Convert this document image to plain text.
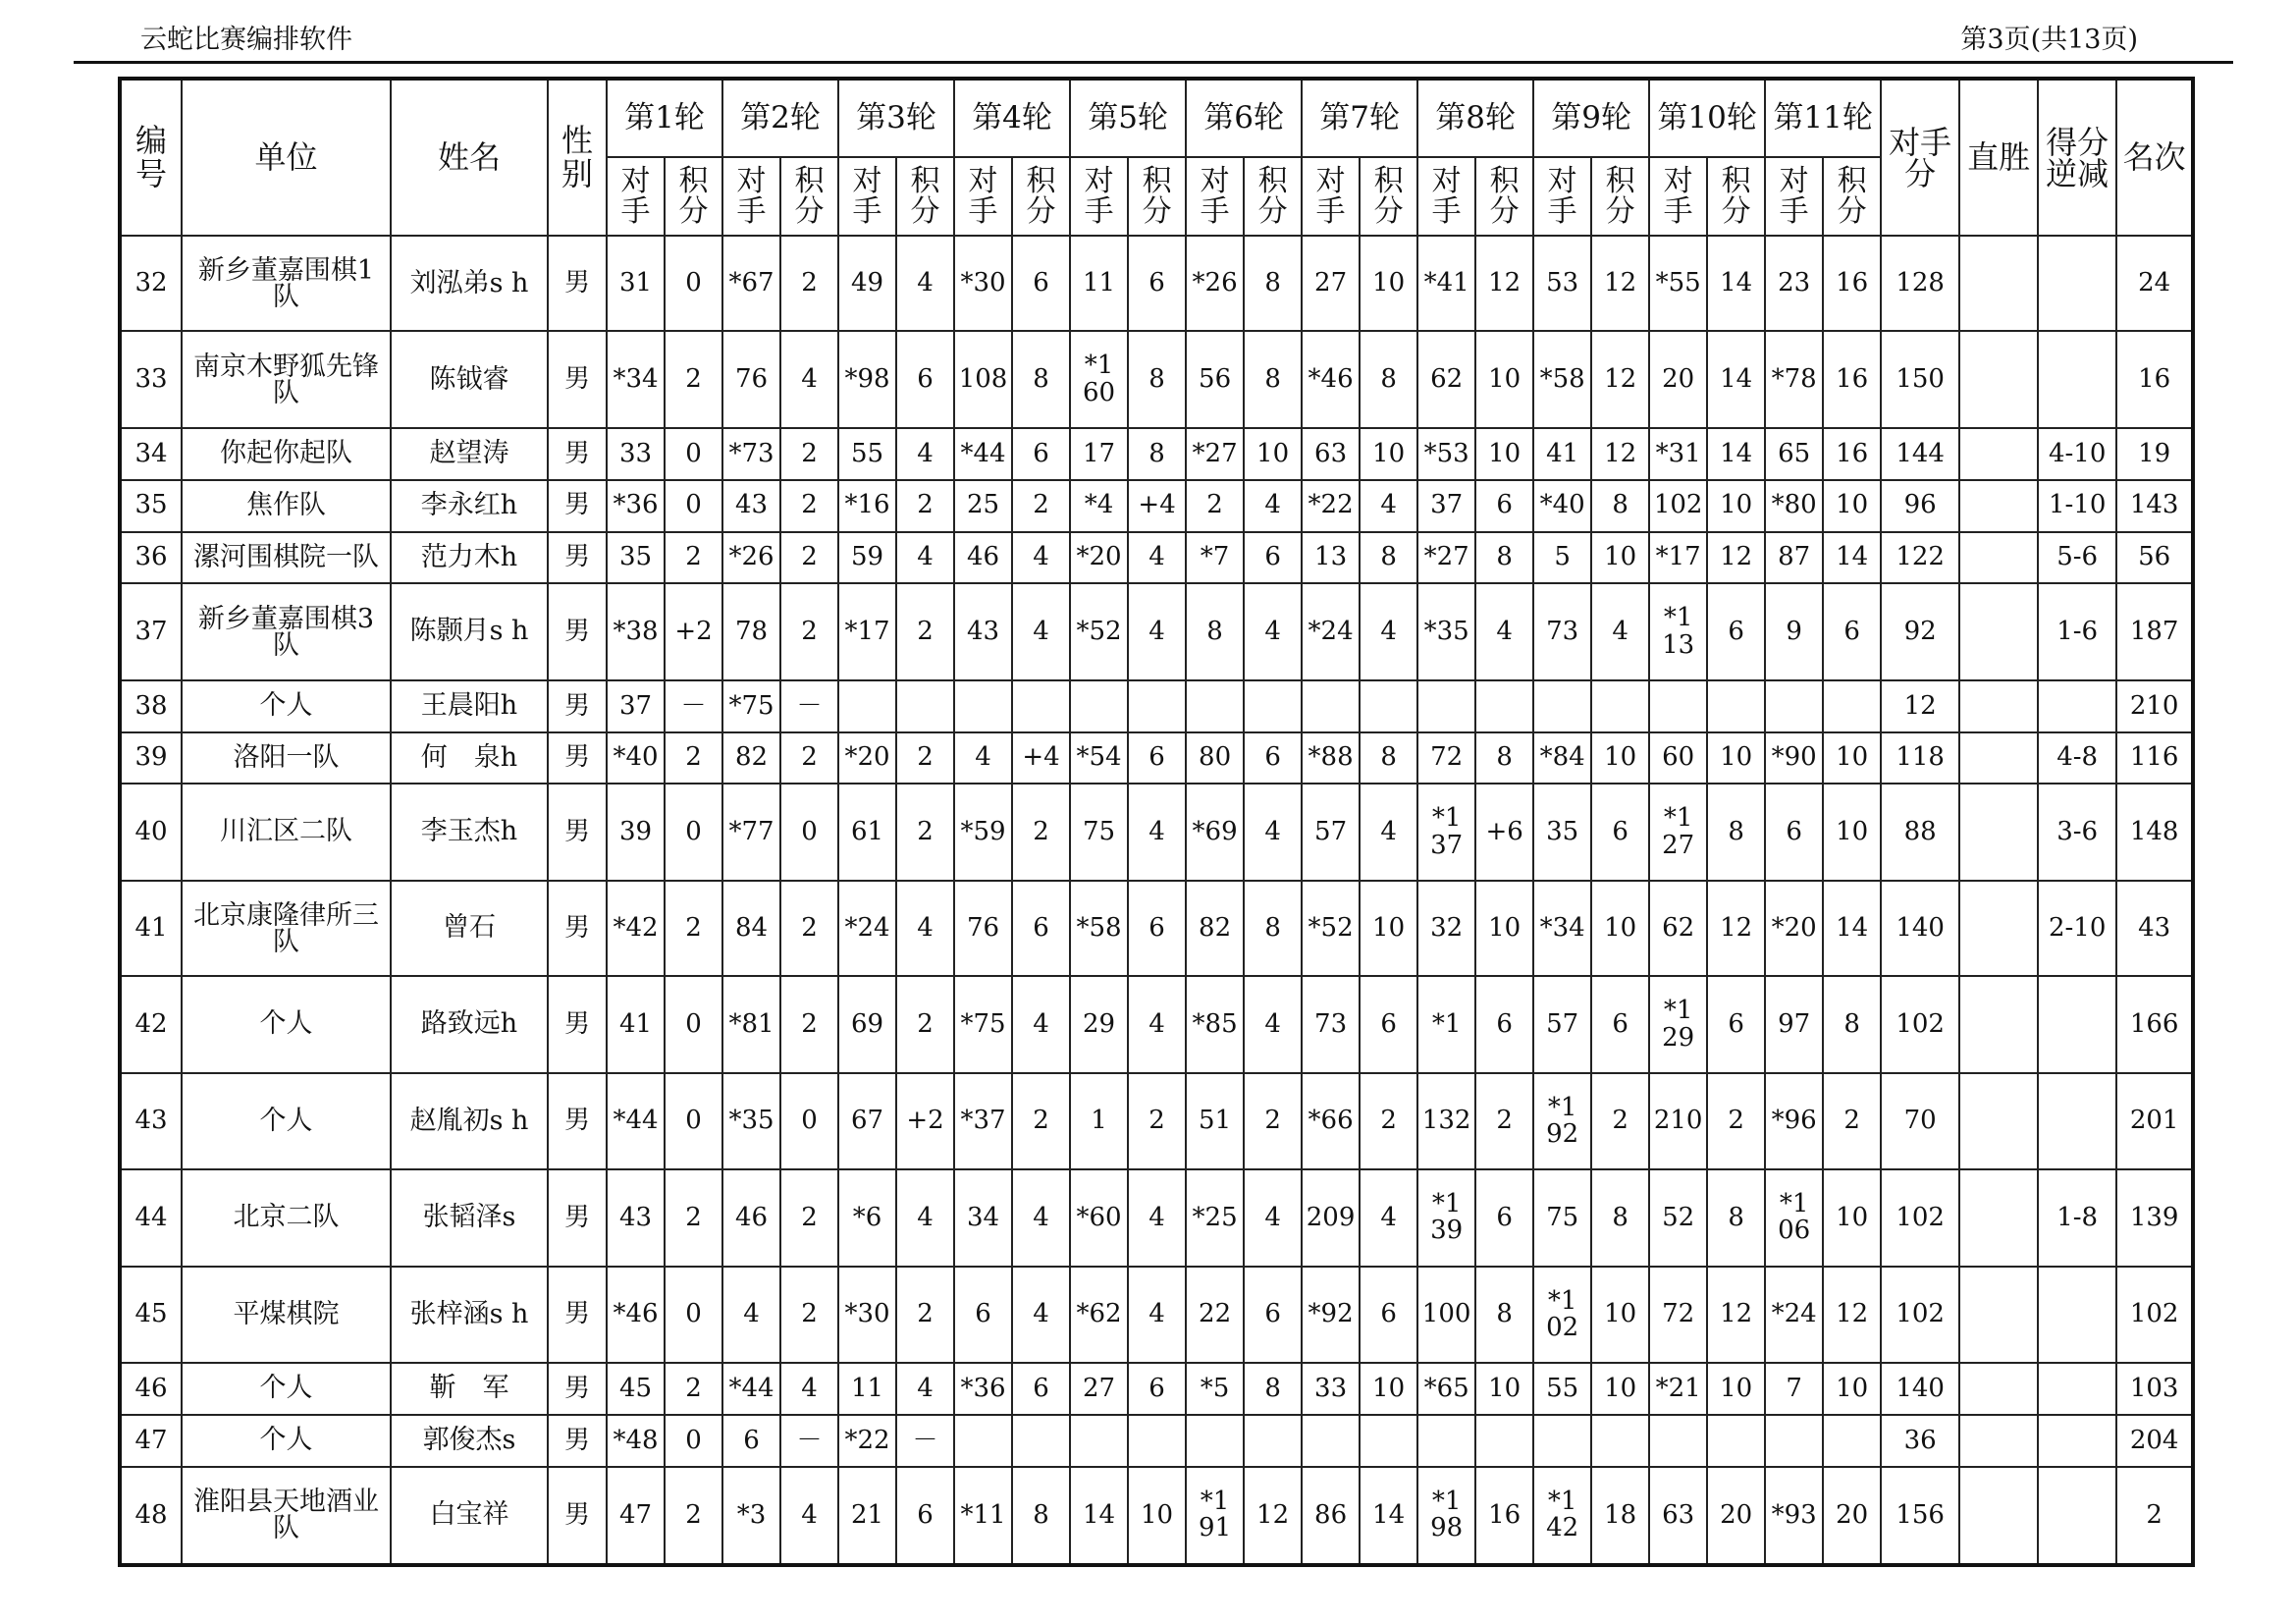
云蛇比赛编排软件	第3页(共13页)
编号	单位	姓名	性别	第1轮		第2轮		第3轮		第4轮		第5轮		第6轮		第7轮		第8轮		第9轮		第10轮		第11轮		对手分	直胜	得分逆减	名次
				对手	积分	对手	积分	对手	积分	对手	积分	对手	积分	对手	积分	对手	积分	对手	积分	对手	积分	对手	积分	对手	积分				
32	新乡董嘉围棋1队	刘泓弟s h	男	31	0	*67	2	49	4	*30	6	11	6	*26	8	27	10	*41	12	53	12	*55	14	23	16	128			24
33	南京木野狐先锋队	陈钺睿	男	*34	2	76	4	*98	6	108	8	*160	8	56	8	*46	8	62	10	*58	12	20	14	*78	16	150			16
34	你起你起队	赵望涛	男	33	0	*73	2	55	4	*44	6	17	8	*27	10	63	10	*53	10	41	12	*31	14	65	16	144		4-10	19
35	焦作队	李永红h	男	*36	0	43	2	*16	2	25	2	*4	+4	2	4	*22	4	37	6	*40	8	102	10	*80	10	96		1-10	143
36	漯河围棋院一队	范力木h	男	35	2	*26	2	59	4	46	4	*20	4	*7	6	13	8	*27	8	5	10	*17	12	87	14	122		5-6	56
37	新乡董嘉围棋3队	陈颢月s h	男	*38	+2	78	2	*17	2	43	4	*52	4	8	4	*24	4	*35	4	73	4	*113	6	9	6	92		1-6	187
38	个人	王晨阳h	男	37	－	*75	－																			12			210
39	洛阳一队	何　泉h	男	*40	2	82	2	*20	2	4	+4	*54	6	80	6	*88	8	72	8	*84	10	60	10	*90	10	118		4-8	116
40	川汇区二队	李玉杰h	男	39	0	*77	0	61	2	*59	2	75	4	*69	4	57	4	*137	+6	35	6	*127	8	6	10	88		3-6	148
41	北京康隆律所三队	曾石	男	*42	2	84	2	*24	4	76	6	*58	6	82	8	*52	10	32	10	*34	10	62	12	*20	14	140		2-10	43
42	个人	路致远h	男	41	0	*81	2	69	2	*75	4	29	4	*85	4	73	6	*1	6	57	6	*129	6	97	8	102			166
43	个人	赵胤初s h	男	*44	0	*35	0	67	+2	*37	2	1	2	51	2	*66	2	132	2	*192	2	210	2	*96	2	70			201
44	北京二队	张韬泽s	男	43	2	46	2	*6	4	34	4	*60	4	*25	4	209	4	*139	6	75	8	52	8	*106	10	102		1-8	139
45	平煤棋院	张梓涵s h	男	*46	0	4	2	*30	2	6	4	*62	4	22	6	*92	6	100	8	*102	10	72	12	*24	12	102			102
46	个人	靳　军	男	45	2	*44	4	11	4	*36	6	27	6	*5	8	33	10	*65	10	55	10	*21	10	7	10	140			103
47	个人	郭俊杰s	男	*48	0	6	－	*22	－																	36			204
48	淮阳县天地酒业队	白宝祥	男	47	2	*3	4	21	6	*11	8	14	10	*191	12	86	14	*198	16	*142	18	63	20	*93	20	156			2
